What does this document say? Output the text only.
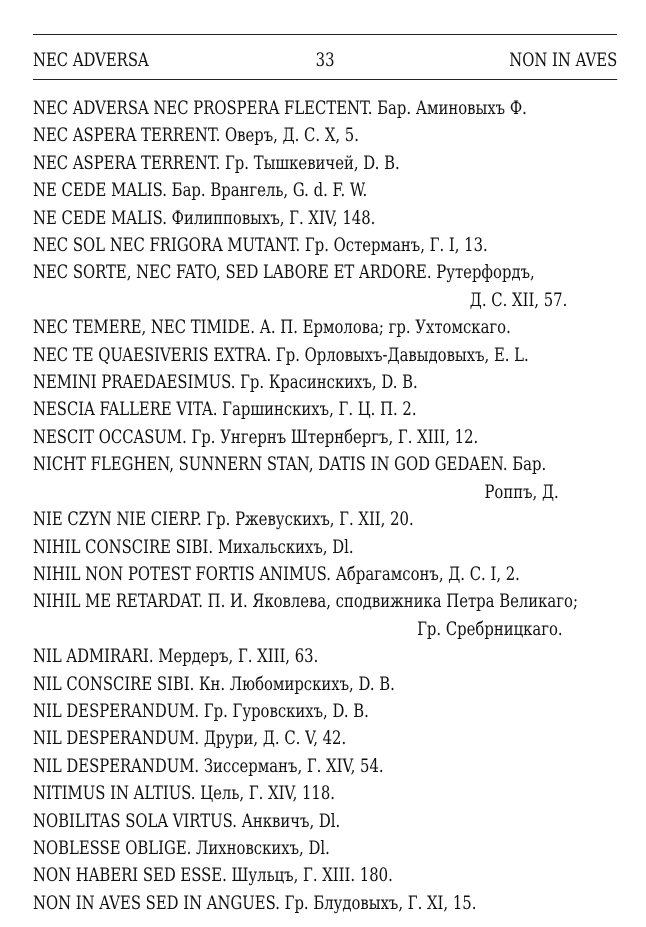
NEC ADVERSA	33	NON IN AVES
NEC ADVERSA NEC PROSPERA FLECTENT. Бар. Аминовыхъ Ф.
NEC ASPERA TERRENT. Оверъ, Д. С. X, 5.
NEC ASPERA TERRENT. Гр. Тышкевичей, D. B.
NE CEDE MALIS. Бар. Врангель, G. d. F. W.
NE CEDE MALIS. Филипповыхъ, Г. XIV, 148.
NEC SOL NEC FRIGORA MUTANT. Гр. Остерманъ, Г. I, 13.
NEC SORTE, NEC FATO, SED LABORE ET ARDORE. Рутерфордъ,
Д. С. XII, 57.
NEC TEMERE, NEC TIMIDE. А. П. Ермолова; гр. Ухтомскаго.
NEC TE QUAESIVERIS EXTRA. Гр. Орловыхъ-Давыдовыхъ, E. L.
NEMINI PRAEDAESIMUS. Гр. Красинскихъ, D. B.
NESCIA FALLERE VITA. Гаршинскихъ, Г. Ц. П. 2.
NESCIT OCCASUM. Гр. Унгернъ Штернбергъ, Г. XIII, 12.
NICHT FLEGHEN, SUNNERN STAN, DATIS IN GOD GEDAEN. Бар.
Роппъ, Д.
NIE CZYN NIE CIERP. Гр. Ржевускихъ, Г. XII, 20.
NIHIL CONSCIRE SIBI. Михальскихъ, Dl.
NIHIL NON POTEST FORTIS ANIMUS. Абрагамсонъ, Д. С. I, 2.
NIHIL ME RETARDAT. П. И. Яковлева, сподвижника Петра Великаго;
Гр. Сребрницкаго.
NIL ADMIRARI. Мердеръ, Г. XIII, 63.
NIL CONSCIRE SIBI. Кн. Любомирскихъ, D. B.
NIL DESPERANDUM. Гр. Гуровскихъ, D. B.
NIL DESPERANDUM. Друри, Д. С. V, 42.
NIL DESPERANDUM. Зиссерманъ, Г. XIV, 54.
NITIMUS IN ALTIUS. Цель, Г. XIV, 118.
NOBILITAS SOLA VIRTUS. Анквичъ, Dl.
NOBLESSE OBLIGE. Лихновскихъ, Dl.
NON HABERI SED ESSE. Шульцъ, Г. XIII. 180.
NON IN AVES SED IN ANGUES. Гр. Блудовыхъ, Г. XI, 15.
